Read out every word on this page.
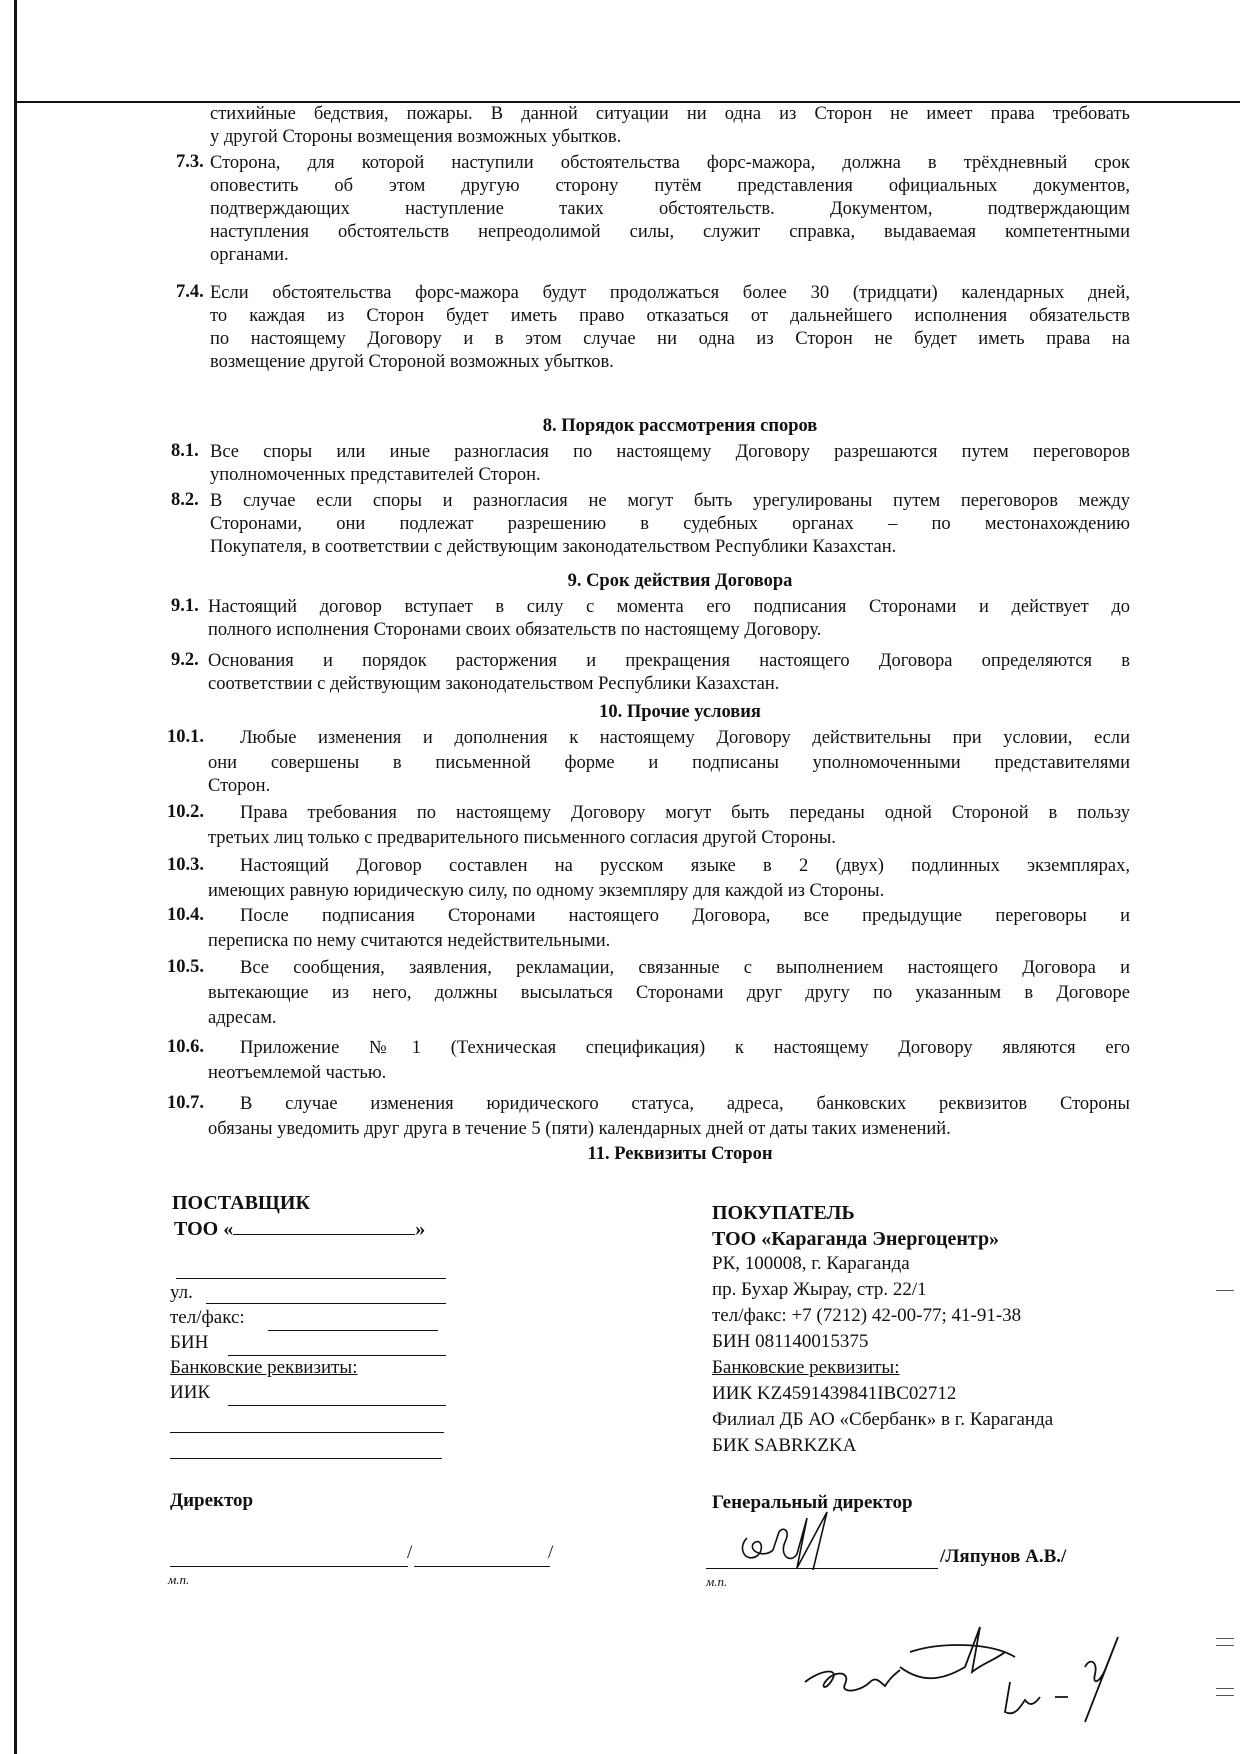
стихийные бедствия, пожары. В данной ситуации ни одна из Сторон не имеет права требовать
у другой Стороны возмещения возможных убытков.
7.3. Сторона, для которой наступили обстоятельства форс-мажора, должна в трёхдневный срок
оповестить об этом другую сторону путём представления официальных документов,
подтверждающих наступление таких обстоятельств. Документом, подтверждающим
наступления обстоятельств непреодолимой силы, служит справка, выдаваемая компетентными
органами.
7.4. Если обстоятельства форс-мажора будут продолжаться более 30 (тридцати) календарных дней,
то каждая из Сторон будет иметь право отказаться от дальнейшего исполнения обязательств
по настоящему Договору и в этом случае ни одна из Сторон не будет иметь права на
возмещение другой Стороной возможных убытков.
8. Порядок рассмотрения споров
8.1. Все споры или иные разногласия по настоящему Договору разрешаются путем переговоров
уполномоченных представителей Сторон.
8.2. В случае если споры и разногласия не могут быть урегулированы путем переговоров между
Сторонами, они подлежат разрешению в судебных органах – по местонахождению
Покупателя, в соответствии с действующим законодательством Республики Казахстан.
9. Срок действия Договора
9.1. Настоящий договор вступает в силу с момента его подписания Сторонами и действует до
полного исполнения Сторонами своих обязательств по настоящему Договору.
9.2. Основания и порядок расторжения и прекращения настоящего Договора определяются в
соответствии с действующим законодательством Республики Казахстан.
10. Прочие условия
10.1. Любые изменения и дополнения к настоящему Договору действительны при условии, если
они совершены в письменной форме и подписаны уполномоченными представителями
Сторон.
10.2. Права требования по настоящему Договору могут быть переданы одной Стороной в пользу
третьих лиц только с предварительного письменного согласия другой Стороны.
10.3. Настоящий Договор составлен на русском языке в 2 (двух) подлинных экземплярах,
имеющих равную юридическую силу, по одному экземпляру для каждой из Стороны.
10.4. После подписания Сторонами настоящего Договора, все предыдущие переговоры и
переписка по нему считаются недействительными.
10.5. Все сообщения, заявления, рекламации, связанные с выполнением настоящего Договора и
вытекающие из него, должны высылаться Сторонами друг другу по указанным в Договоре
адресам.
10.6. Приложение №1 (Техническая спецификация) к настоящему Договору являются его
неотъемлемой частью.
10.7. В случае изменения юридического статуса, адреса, банковских реквизитов Стороны
обязаны уведомить друг друга в течение 5 (пяти) календарных дней от даты таких изменений.
11. Реквизиты Сторон
ПОСТАВЩИК
ТОО «	»
ул.
тел/факс:
БИН
Банковские реквизиты:
ИИК
Директор
/	/
м.п.
ПОКУПАТЕЛЬ
ТОО «Караганда Энергоцентр»
РК, 100008, г. Караганда
пр. Бухар Жырау, стр. 22/1
тел/факс: +7 (7212) 42-00-77; 41-91-38
БИН 081140015375
Банковские реквизиты:
ИИК KZ4591439841IBC02712
Филиал ДБ АО «Сбербанк» в г. Караганда
БИК SABRKZKA
Генеральный директор
/Ляпунов А.В./
м.п.
